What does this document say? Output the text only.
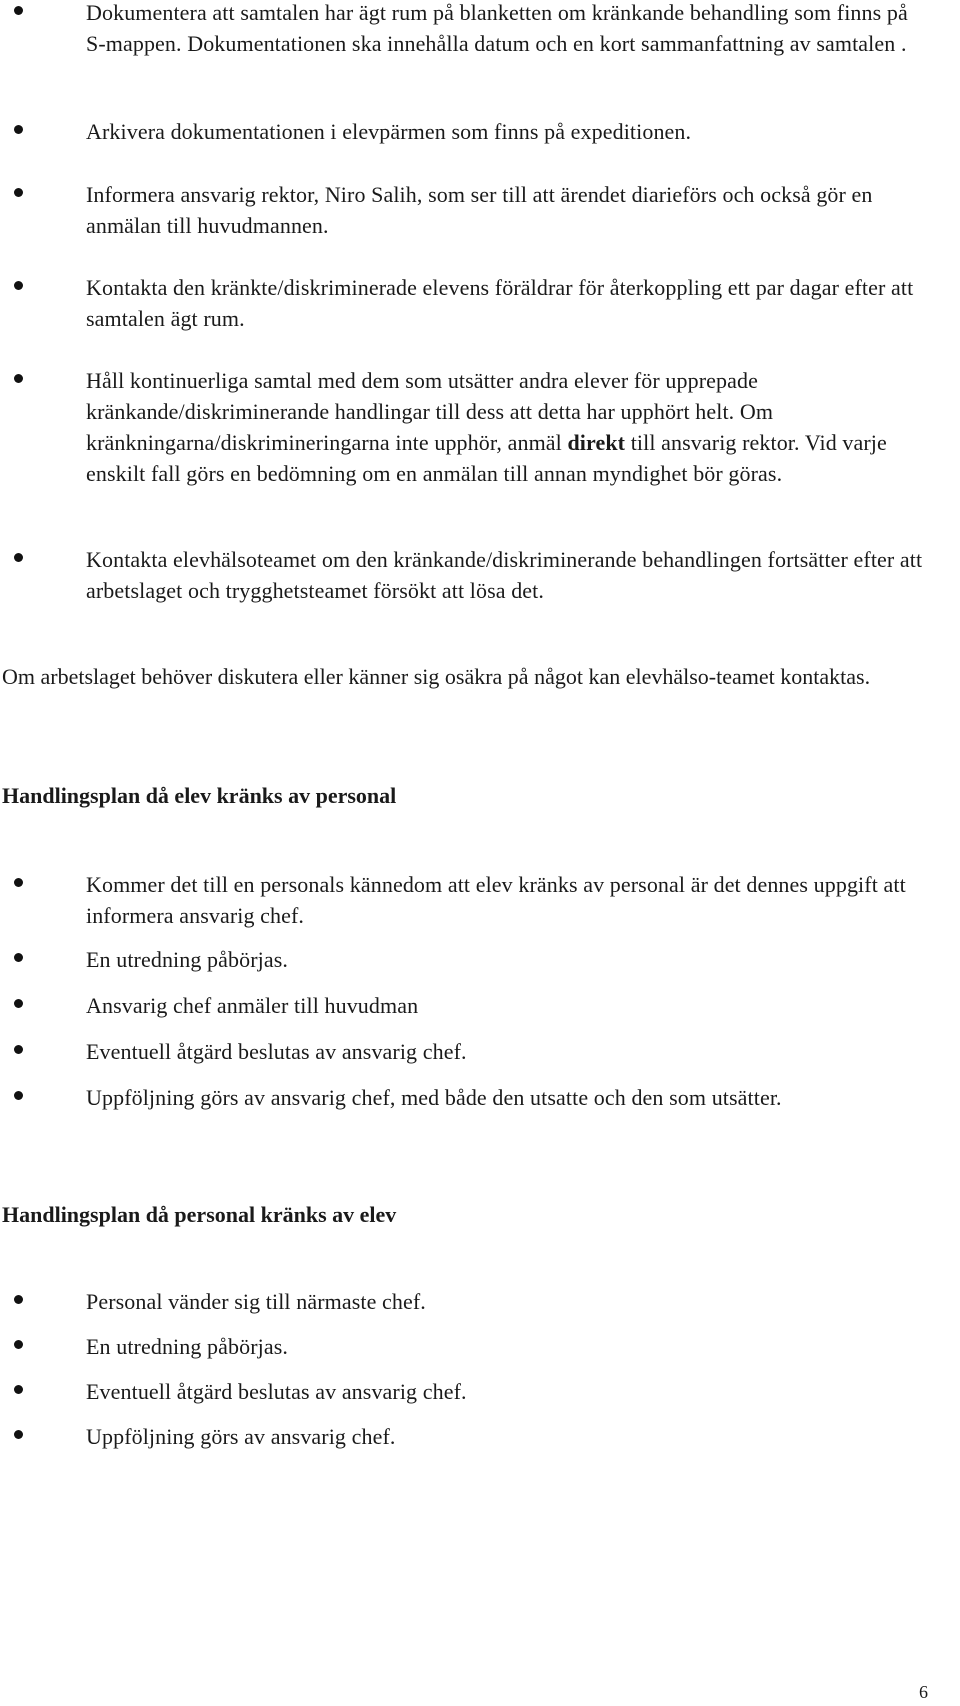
Dokumentera att samtalen har ägt rum på blanketten om kränkande behandling som finns på S-mappen. Dokumentationen ska innehålla datum och en kort sammanfattning av samtalen .
Arkivera dokumentationen i elevpärmen som finns på expeditionen.
Informera ansvarig rektor, Niro Salih, som ser till att ärendet diarieförs och också gör en anmälan till huvudmannen.
Kontakta den kränkte/diskriminerade elevens föräldrar för återkoppling ett par dagar efter att samtalen ägt rum.
Håll kontinuerliga samtal med dem som utsätter andra elever för upprepade kränkande/diskriminerande handlingar till dess att detta har upphört helt. Om kränkningarna/diskrimineringarna inte upphör, anmäl direkt till ansvarig rektor. Vid varje enskilt fall görs en bedömning om en anmälan till annan myndighet bör göras.
Kontakta elevhälsoteamet om den kränkande/diskriminerande behandlingen fortsätter efter att arbetslaget och trygghetsteamet försökt att lösa det.
Om arbetslaget behöver diskutera eller känner sig osäkra på något kan elevhälso-teamet kontaktas.
Handlingsplan då elev kränks av personal
Kommer det till en personals kännedom att elev kränks av personal är det dennes uppgift att informera ansvarig chef.
En utredning påbörjas.
Ansvarig chef anmäler till huvudman
Eventuell åtgärd beslutas av ansvarig chef.
Uppföljning görs av ansvarig chef, med både den utsatte och den som utsätter.
Handlingsplan då personal kränks av elev
Personal vänder sig till närmaste chef.
En utredning påbörjas.
Eventuell åtgärd beslutas av ansvarig chef.
Uppföljning görs av ansvarig chef.
6
